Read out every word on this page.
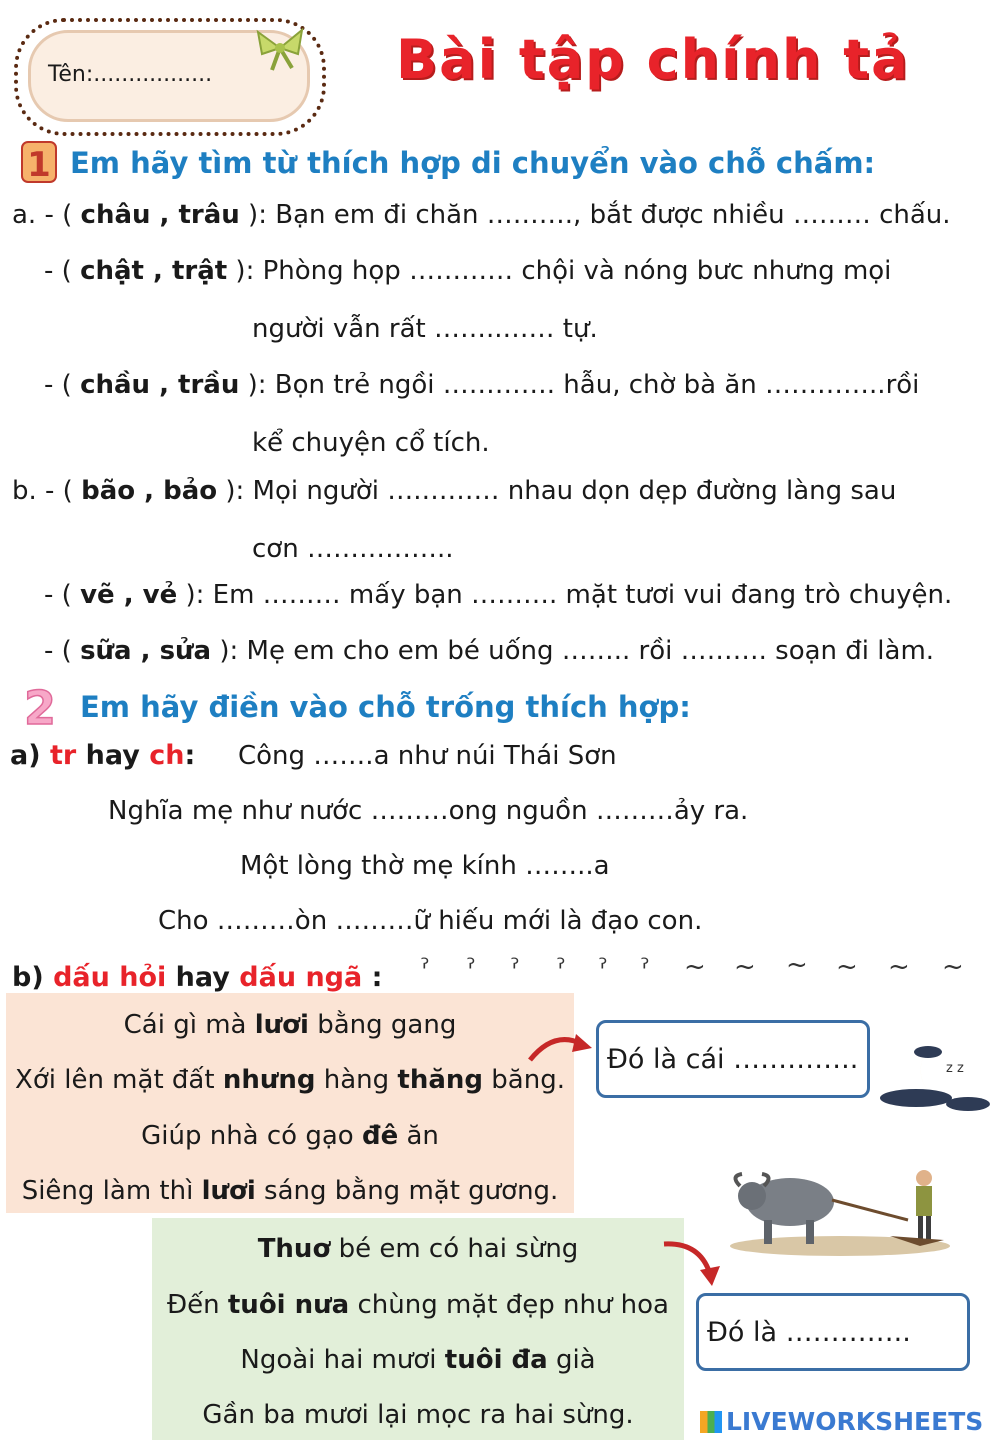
Tên:.................	Bài tập chính tả
1 Em hãy tìm từ thích hợp di chuyển vào chỗ chấm:
a. - ( châu , trâu ): Bạn em đi chăn ………., bắt được nhiều ……… chấu.
- ( chật , trật ): Phòng họp ………… chội và nóng bưc nhưng mọi
người vẫn rất ……..…… tự.
- ( chầu , trầu ): Bọn trẻ ngồi …………. hẫu, chờ bà ăn …………..rồi
kể chuyện cổ tích.
b. - ( bão , bảo ): Mọi người ….……… nhau dọn dẹp đường làng sau
cơn ……………..
- ( vẽ , vẻ ): Em ……… mấy bạn ………. mặt tươi vui đang trò chuyện.
- ( sữa , sửa ): Mẹ em cho em bé uống …….. rồi ………. soạn đi làm.
2 Em hãy điền vào chỗ trống thích hợp:
a) tr hay ch: Công …….a như núi Thái Sơn
Nghĩa mẹ như nước ………ong nguồn ………ảy ra.
Một lòng thờ mẹ kính ……..a
Cho ………òn ………ữ hiếu mới là đạo con.
b) dấu hỏi hay dấu ngã : ˀ ˀ ˀ ˀ ˀ ˀ ~ ~ ~ ~ ~ ~
Cái gì mà lươi bằng gang
Xới lên mặt đất nhưng hàng thăng băng.
Giúp nhà có gạo đê ăn
Siêng làm thì lươi sáng bằng mặt gương.
Đó là cái …………..	z z
Thuơ bé em có hai sừng
Đến tuôi nưa chùng mặt đẹp như hoa
Ngoài hai mươi tuôi đa già
Gần ba mươi lại mọc ra hai sừng.
Đó là …………..
LIVEWORKSHEETS
